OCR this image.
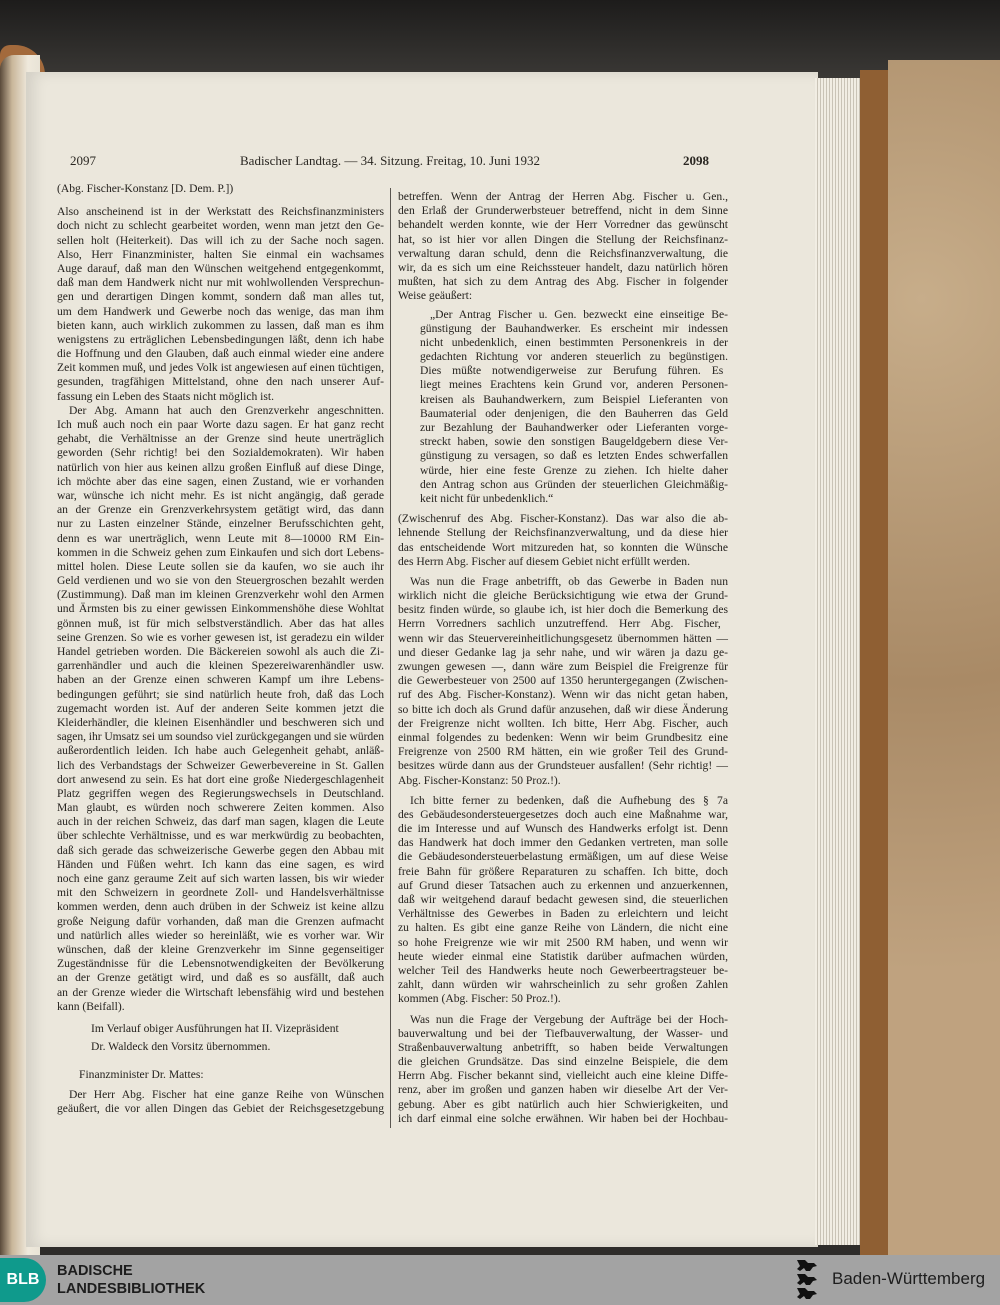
2097	Badischer Landtag. — 34. Sitzung. Freitag, 10. Juni 1932	2098
(Abg. Fischer-Konstanz [D. Dem. P.])
Also anscheinend ist in der Werkstatt des Reichsfinanzministers
doch nicht zu schlecht gearbeitet worden, wenn man jetzt den Ge-
sellen holt (Heiterkeit). Das will ich zu der Sache noch sagen.
Also, Herr Finanzminister, halten Sie einmal ein wachsames
Auge darauf, daß man den Wünschen weitgehend entgegenkommt,
daß man dem Handwerk nicht nur mit wohlwollenden Versprechun-
gen und derartigen Dingen kommt, sondern daß man alles tut,
um dem Handwerk und Gewerbe noch das wenige, das man ihm
bieten kann, auch wirklich zukommen zu lassen, daß man es ihm
wenigstens zu erträglichen Lebensbedingungen läßt, denn ich habe
die Hoffnung und den Glauben, daß auch einmal wieder eine andere
Zeit kommen muß, und jedes Volk ist angewiesen auf einen tüchtigen,
gesunden, tragfähigen Mittelstand, ohne den nach unserer Auf-
fassung ein Leben des Staats nicht möglich ist.
Der Abg. Amann hat auch den Grenzverkehr angeschnitten.
Ich muß auch noch ein paar Worte dazu sagen. Er hat ganz recht
gehabt, die Verhältnisse an der Grenze sind heute unerträglich
geworden (Sehr richtig! bei den Sozialdemokraten). Wir haben
natürlich von hier aus keinen allzu großen Einfluß auf diese Dinge,
ich möchte aber das eine sagen, einen Zustand, wie er vorhanden
war, wünsche ich nicht mehr. Es ist nicht angängig, daß gerade
an der Grenze ein Grenzverkehrsystem getätigt wird, das dann
nur zu Lasten einzelner Stände, einzelner Berufsschichten geht,
denn es war unerträglich, wenn Leute mit 8—10000 RM Ein-
kommen in die Schweiz gehen zum Einkaufen und sich dort Lebens-
mittel holen. Diese Leute sollen sie da kaufen, wo sie auch ihr
Geld verdienen und wo sie von den Steuergroschen bezahlt werden
(Zustimmung). Daß man im kleinen Grenzverkehr wohl den Armen
und Ärmsten bis zu einer gewissen Einkommenshöhe diese Wohltat
gönnen muß, ist für mich selbstverständlich. Aber das hat alles
seine Grenzen. So wie es vorher gewesen ist, ist geradezu ein wilder
Handel getrieben worden. Die Bäckereien sowohl als auch die Zi-
garrenhändler und auch die kleinen Spezereiwarenhändler usw.
haben an der Grenze einen schweren Kampf um ihre Lebens-
bedingungen geführt; sie sind natürlich heute froh, daß das Loch
zugemacht worden ist. Auf der anderen Seite kommen jetzt die
Kleiderhändler, die kleinen Eisenhändler und beschweren sich und
sagen, ihr Umsatz sei um soundso viel zurückgegangen und sie würden
außerordentlich leiden. Ich habe auch Gelegenheit gehabt, anläß-
lich des Verbandstags der Schweizer Gewerbevereine in St. Gallen
dort anwesend zu sein. Es hat dort eine große Niedergeschlagenheit
Platz gegriffen wegen des Regierungswechsels in Deutschland.
Man glaubt, es würden noch schwerere Zeiten kommen. Also
auch in der reichen Schweiz, das darf man sagen, klagen die Leute
über schlechte Verhältnisse, und es war merkwürdig zu beobachten,
daß sich gerade das schweizerische Gewerbe gegen den Abbau mit
Händen und Füßen wehrt. Ich kann das eine sagen, es wird
noch eine ganz geraume Zeit auf sich warten lassen, bis wir wieder
mit den Schweizern in geordnete Zoll- und Handelsverhältnisse
kommen werden, denn auch drüben in der Schweiz ist keine allzu
große Neigung dafür vorhanden, daß man die Grenzen aufmacht
und natürlich alles wieder so hereinläßt, wie es vorher war. Wir
wünschen, daß der kleine Grenzverkehr im Sinne gegenseitiger
Zugeständnisse für die Lebensnotwendigkeiten der Bevölkerung
an der Grenze getätigt wird, und daß es so ausfällt, daß auch
an der Grenze wieder die Wirtschaft lebensfähig wird und bestehen
kann (Beifall).
Im Verlauf obiger Ausführungen hat II. Vizepräsident
Dr. Waldeck den Vorsitz übernommen.
Finanzminister Dr. Mattes:
Der Herr Abg. Fischer hat eine ganze Reihe von Wünschen
geäußert, die vor allen Dingen das Gebiet der Reichsgesetzgebung
betreffen. Wenn der Antrag der Herren Abg. Fischer u. Gen.,
den Erlaß der Grunderwerbsteuer betreffend, nicht in dem Sinne
behandelt werden konnte, wie der Herr Vorredner das gewünscht
hat, so ist hier vor allen Dingen die Stellung der Reichsfinanz-
verwaltung daran schuld, denn die Reichsfinanzverwaltung, die
wir, da es sich um eine Reichssteuer handelt, dazu natürlich hören
mußten, hat sich zu dem Antrag des Abg. Fischer in folgender
Weise geäußert:
„Der Antrag Fischer u. Gen. bezweckt eine einseitige Be-
günstigung der Bauhandwerker. Es erscheint mir indessen
nicht unbedenklich, einen bestimmten Personenkreis in der
gedachten Richtung vor anderen steuerlich zu begünstigen.
Dies müßte notwendigerweise zur Berufung führen. Es
liegt meines Erachtens kein Grund vor, anderen Personen-
kreisen als Bauhandwerkern, zum Beispiel Lieferanten von
Baumaterial oder denjenigen, die den Bauherren das Geld
zur Bezahlung der Bauhandwerker oder Lieferanten vorge-
streckt haben, sowie den sonstigen Baugeldgebern diese Ver-
günstigung zu versagen, so daß es letzten Endes schwerfallen
würde, hier eine feste Grenze zu ziehen. Ich hielte daher
den Antrag schon aus Gründen der steuerlichen Gleichmäßig-
keit nicht für unbedenklich.“
(Zwischenruf des Abg. Fischer-Konstanz). Das war also die ab-
lehnende Stellung der Reichsfinanzverwaltung, und da diese hier
das entscheidende Wort mitzureden hat, so konnten die Wünsche
des Herrn Abg. Fischer auf diesem Gebiet nicht erfüllt werden.
Was nun die Frage anbetrifft, ob das Gewerbe in Baden nun
wirklich nicht die gleiche Berücksichtigung wie etwa der Grund-
besitz finden würde, so glaube ich, ist hier doch die Bemerkung des
Herrn Vorredners sachlich unzutreffend. Herr Abg. Fischer,
wenn wir das Steuervereinheitlichungsgesetz übernommen hätten —
und dieser Gedanke lag ja sehr nahe, und wir wären ja dazu ge-
zwungen gewesen —, dann wäre zum Beispiel die Freigrenze für
die Gewerbesteuer von 2500 auf 1350 heruntergegangen (Zwischen-
ruf des Abg. Fischer-Konstanz). Wenn wir das nicht getan haben,
so bitte ich doch als Grund dafür anzusehen, daß wir diese Änderung
der Freigrenze nicht wollten. Ich bitte, Herr Abg. Fischer, auch
einmal folgendes zu bedenken: Wenn wir beim Grundbesitz eine
Freigrenze von 2500 RM hätten, ein wie großer Teil des Grund-
besitzes würde dann aus der Grundsteuer ausfallen! (Sehr richtig! —
Abg. Fischer-Konstanz: 50 Proz.!).
Ich bitte ferner zu bedenken, daß die Aufhebung des § 7a
des Gebäudesondersteuergesetzes doch auch eine Maßnahme war,
die im Interesse und auf Wunsch des Handwerks erfolgt ist. Denn
das Handwerk hat doch immer den Gedanken vertreten, man solle
die Gebäudesondersteuerbelastung ermäßigen, um auf diese Weise
freie Bahn für größere Reparaturen zu schaffen. Ich bitte, doch
auf Grund dieser Tatsachen auch zu erkennen und anzuerkennen,
daß wir weitgehend darauf bedacht gewesen sind, die steuerlichen
Verhältnisse des Gewerbes in Baden zu erleichtern und leicht
zu halten. Es gibt eine ganze Reihe von Ländern, die nicht eine
so hohe Freigrenze wie wir mit 2500 RM haben, und wenn wir
heute wieder einmal eine Statistik darüber aufmachen würden,
welcher Teil des Handwerks heute noch Gewerbeertragsteuer be-
zahlt, dann würden wir wahrscheinlich zu sehr großen Zahlen
kommen (Abg. Fischer: 50 Proz.!).
Was nun die Frage der Vergebung der Aufträge bei der Hoch-
bauverwaltung und bei der Tiefbauverwaltung, der Wasser- und
Straßenbauverwaltung anbetrifft, so haben beide Verwaltungen
die gleichen Grundsätze. Das sind einzelne Beispiele, die dem
Herrn Abg. Fischer bekannt sind, vielleicht auch eine kleine Diffe-
renz, aber im großen und ganzen haben wir dieselbe Art der Ver-
gebung. Aber es gibt natürlich auch hier Schwierigkeiten, und
ich darf einmal eine solche erwähnen. Wir haben bei der Hochbau-
BLB	BADISCHE
LANDESBIBLIOTHEK
Baden-Württemberg
